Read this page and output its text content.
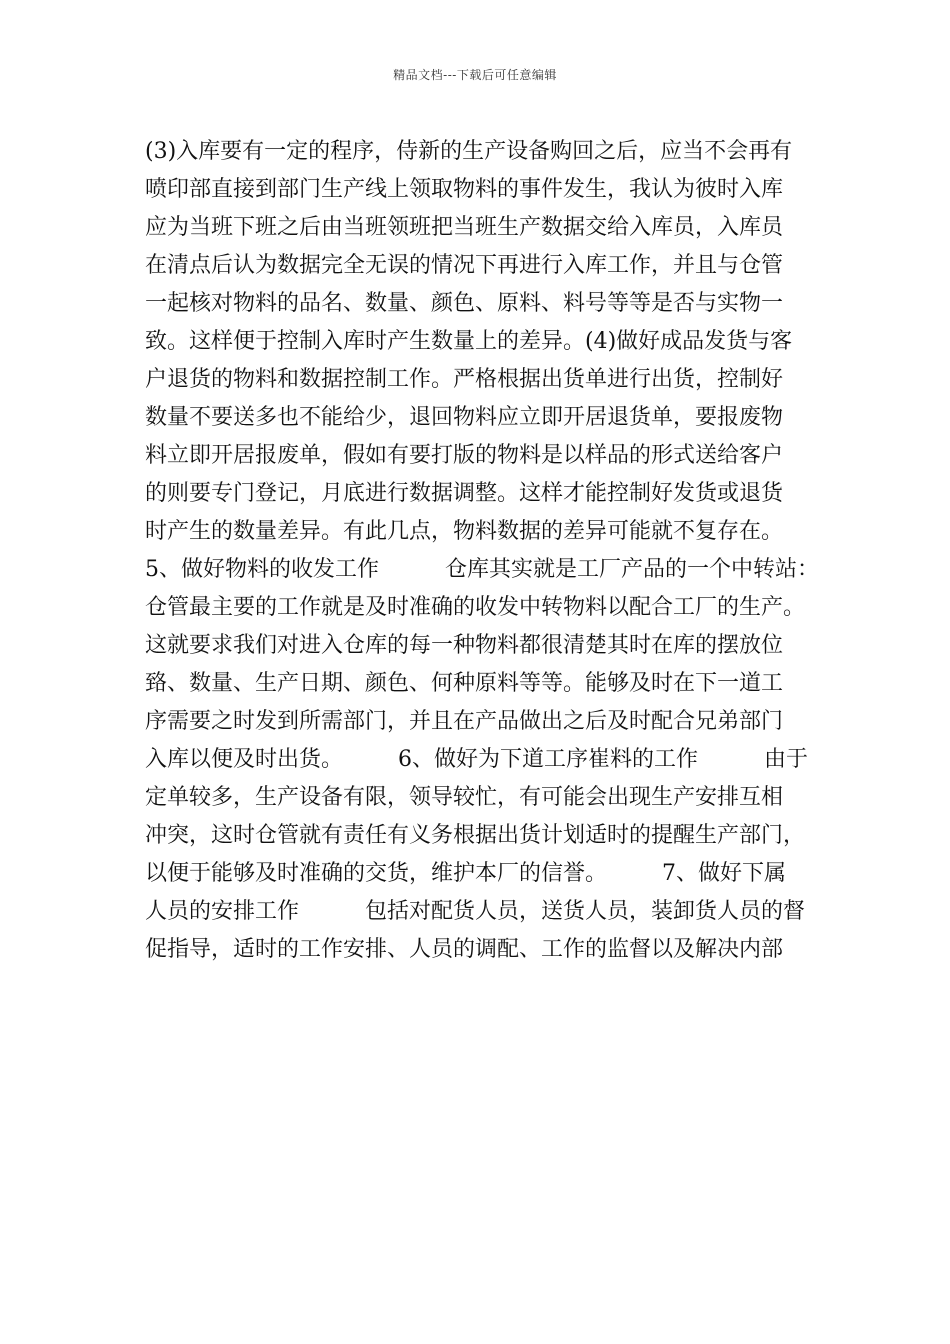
精品文档---下载后可任意编辑
(3)入库要有一定的程序，侍新的生产设备购回之后，应当不会再有
喷印部直接到部门生产线上领取物料的事件发生，我认为彼时入库
应为当班下班之后由当班领班把当班生产数据交给入库员，入库员
在清点后认为数据完全无误的情况下再进行入库工作，并且与仓管
一起核对物料的品名、数量、颜色、原料、料号等等是否与实物一
致。这样便于控制入库时产生数量上的差异。(4)做好成品发货与客
户退货的物料和数据控制工作。严格根据出货单进行出货，控制好
数量不要送多也不能给少，退回物料应立即开居退货单，要报废物
料立即开居报废单，假如有要打版的物料是以样品的形式送给客户
的则要专门登记，月底进行数据调整。这样才能控制好发货或退货
时产生的数量差异。有此几点，物料数据的差异可能就不复存在。
5、做好物料的收发工作　　　仓库其实就是工厂产品的一个中转站：
仓管最主要的工作就是及时准确的收发中转物料以配合工厂的生产。
这就要求我们对进入仓库的每一种物料都很清楚其时在库的摆放位
臵、数量、生产日期、颜色、何种原料等等。能够及时在下一道工
序需要之时发到所需部门，并且在产品做出之后及时配合兄弟部门
入库以便及时出货。　　　6、做好为下道工序崔料的工作　　　由于
定单较多，生产设备有限，领导较忙，有可能会出现生产安排互相
冲突，这时仓管就有责任有义务根据出货计划适时的提醒生产部门，
以便于能够及时准确的交货，维护本厂的信誉。　　　7、做好下属
人员的安排工作　　　包括对配货人员，送货人员，装卸货人员的督
促指导，适时的工作安排、人员的调配、工作的监督以及解决内部
